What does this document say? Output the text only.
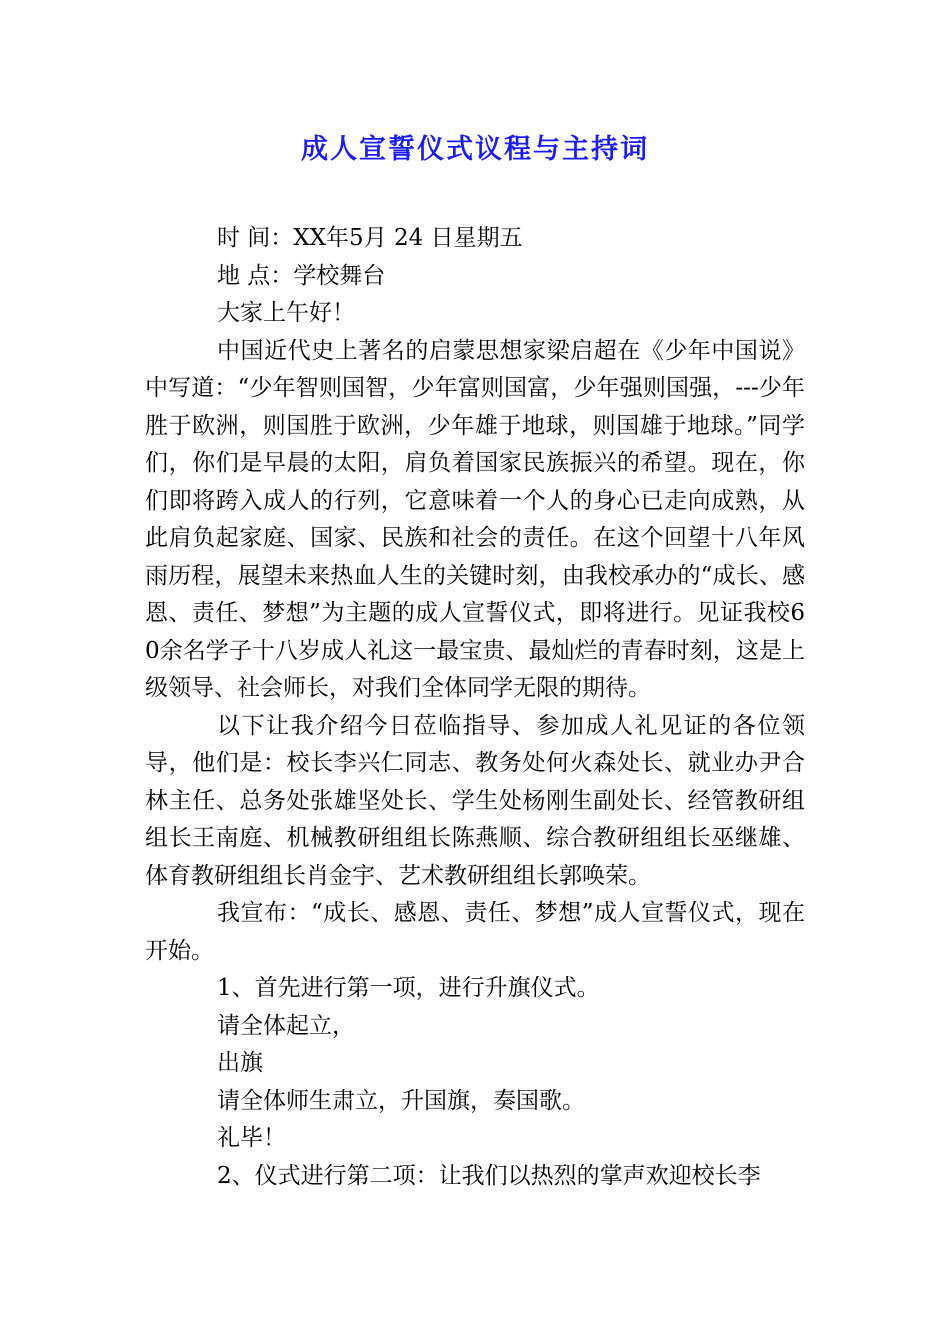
成人宣誓仪式议程与主持词

时 间：XX年5月 24 日星期五

地 点：学校舞台

大家上午好！

中国近代史上著名的启蒙思想家梁启超在《少年中国说》中写道：“少年智则国智，少年富则国富，少年强则国强，---少年胜于欧洲，则国胜于欧洲，少年雄于地球，则国雄于地球。”同学们，你们是早晨的太阳，肩负着国家民族振兴的希望。现在，你们即将跨入成人的行列，它意味着一个人的身心已走向成熟，从此肩负起家庭、国家、民族和社会的责任。在这个回望十八年风雨历程，展望未来热血人生的关键时刻，由我校承办的“成长、感恩、责任、梦想”为主题的成人宣誓仪式，即将进行。见证我校60余名学子十八岁成人礼这一最宝贵、最灿烂的青春时刻，这是上级领导、社会师长，对我们全体同学无限的期待。

以下让我介绍今日莅临指导、参加成人礼见证的各位领导，他们是：校长李兴仁同志、教务处何火森处长、就业办尹合林主任、总务处张雄坚处长、学生处杨刚生副处长、经管教研组组长王南庭、机械教研组组长陈燕顺、综合教研组组长巫继雄、体育教研组组长肖金宇、艺术教研组组长郭唤荣。

我宣布：“成长、感恩、责任、梦想”成人宣誓仪式，现在开始。

1、首先进行第一项，进行升旗仪式。

请全体起立，

出旗

请全体师生肃立，升国旗，奏国歌。

礼毕！

2、仪式进行第二项：让我们以热烈的掌声欢迎校长李
